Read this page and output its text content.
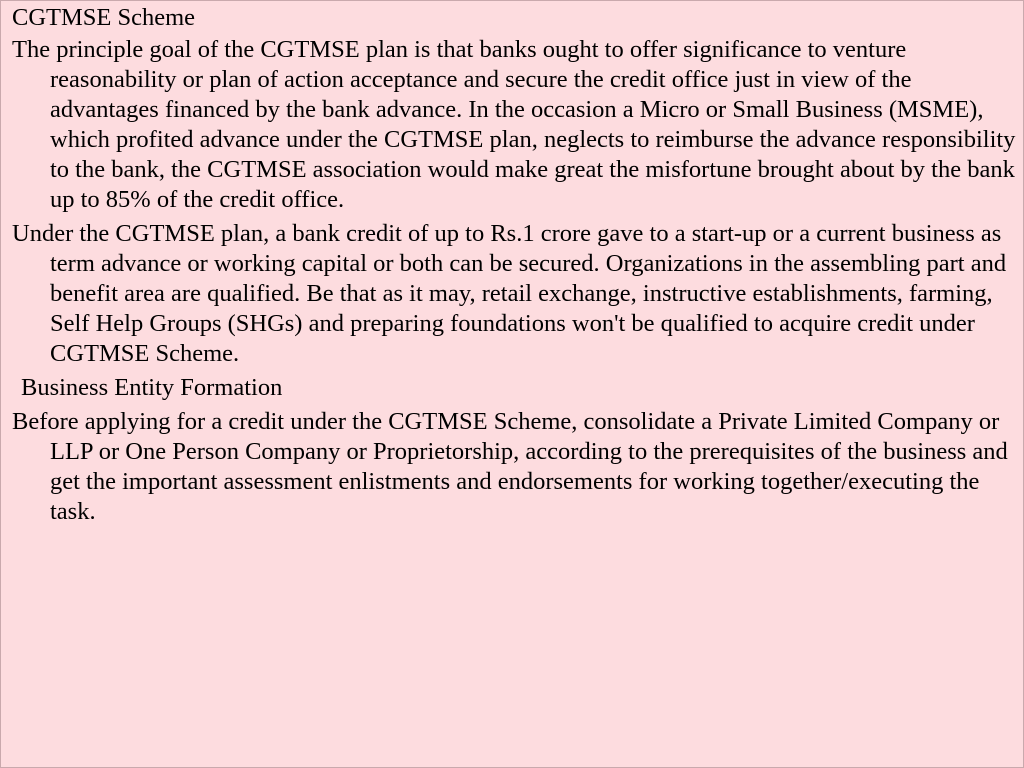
CGTMSE Scheme

The principle goal of the CGTMSE plan is that banks ought to offer significance to venture reasonability or plan of action acceptance and secure the credit office just in view of the advantages financed by the bank advance. In the occasion a Micro or Small Business (MSME), which profited advance under the CGTMSE plan, neglects to reimburse the advance responsibility to the bank, the CGTMSE association would make great the misfortune brought about by the bank up to 85% of the credit office.

Under the CGTMSE plan, a bank credit of up to Rs.1 crore gave to a start-up or a current business as term advance or working capital or both can be secured. Organizations in the assembling part and benefit area are qualified. Be that as it may, retail exchange, instructive establishments, farming, Self Help Groups (SHGs) and preparing foundations won't be qualified to acquire credit under CGTMSE Scheme.

Business Entity Formation

Before applying for a credit under the CGTMSE Scheme, consolidate a Private Limited Company or LLP or One Person Company or Proprietorship, according to the prerequisites of the business and get the important assessment enlistments and endorsements for working together/executing the task.
